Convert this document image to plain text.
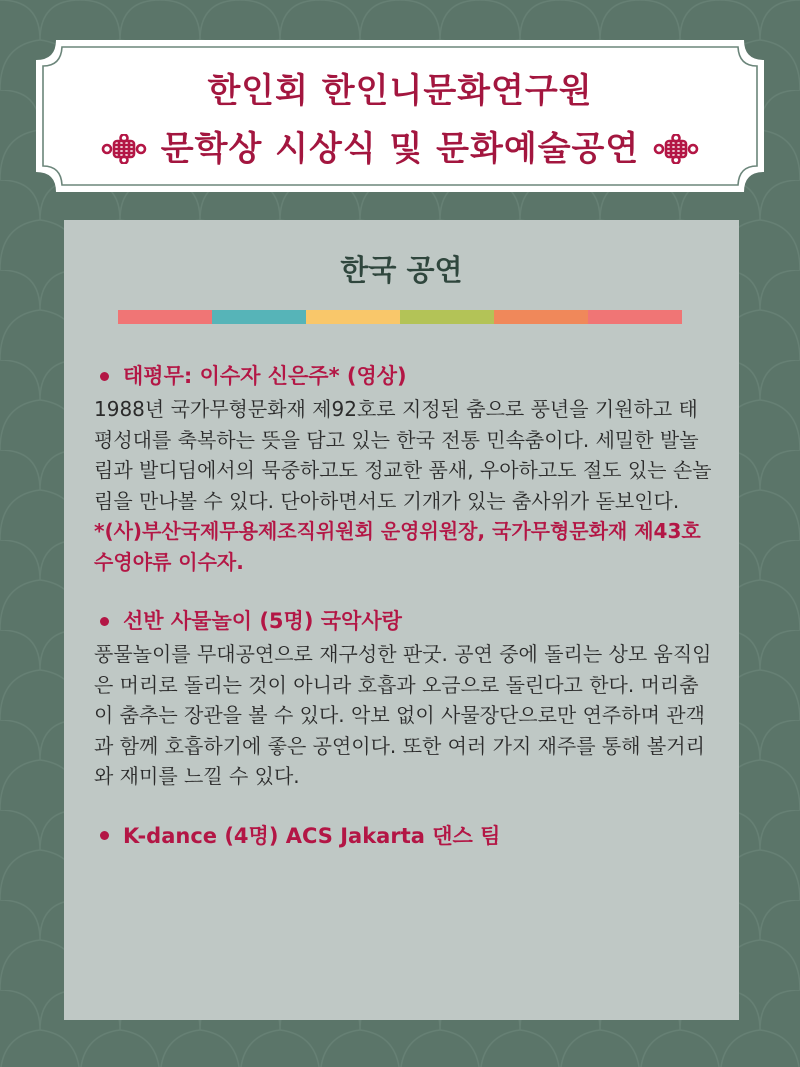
한인회 한인니문화연구원
문학상 시상식 및 문화예술공연
한국 공연
태평무: 이수자 신은주* (영상)

1988년 국가무형문화재 제92호로 지정된 춤으로 풍년을 기원하고 태평성대를 축복하는 뜻을 담고 있는 한국 전통 민속춤이다. 세밀한 발놀림과 발디딤에서의 묵중하고도 정교한 품새, 우아하고도 절도 있는 손놀림을 만나볼 수 있다. 단아하면서도 기개가 있는 춤사위가 돋보인다.

*(사)부산국제무용제조직위원회 운영위원장, 국가무형문화재 제43호 수영야류 이수자.

선반 사물놀이 (5명) 국악사랑

풍물놀이를 무대공연으로 재구성한 판굿. 공연 중에 돌리는 상모 움직임은 머리로 돌리는 것이 아니라 호흡과 오금으로 돌린다고 한다. 머리춤이 춤추는 장관을 볼 수 있다. 악보 없이 사물장단으로만 연주하며 관객과 함께 호흡하기에 좋은 공연이다. 또한 여러 가지 재주를 통해 볼거리와 재미를 느낄 수 있다.

K-dance (4명) ACS Jakarta 댄스 팀
